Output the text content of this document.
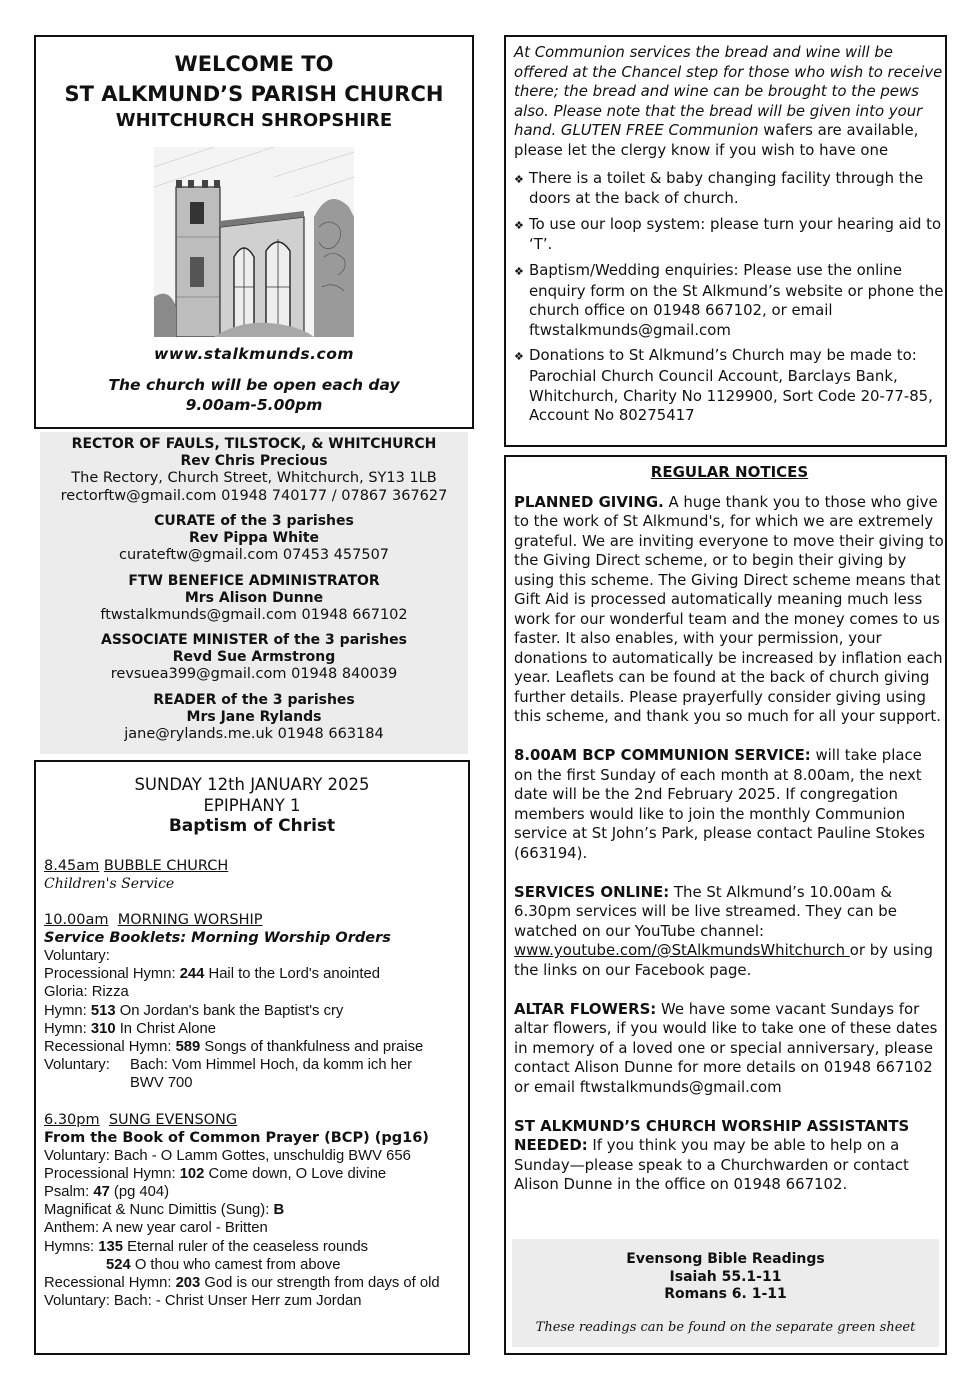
WELCOME TO
ST ALKMUND’S PARISH CHURCH
WHITCHURCH SHROPSHIRE
www.stalkmunds.com
The church will be open each day
9.00am-5.00pm
RECTOR OF FAULS, TILSTOCK, & WHITCHURCH
Rev Chris Precious
The Rectory, Church Street, Whitchurch, SY13 1LB
rectorftw@gmail.com 01948 740177 / 07867 367627
CURATE of the 3 parishes
Rev Pippa White
curateftw@gmail.com 07453 457507
FTW BENEFICE ADMINISTRATOR
Mrs Alison Dunne
ftwstalkmunds@gmail.com 01948 667102
ASSOCIATE MINISTER of the 3 parishes
Revd Sue Armstrong
revsuea399@gmail.com 01948 840039
READER of the 3 parishes
Mrs Jane Rylands
jane@rylands.me.uk 01948 663184
SUNDAY 12th JANUARY 2025
EPIPHANY 1
Baptism of Christ
8.45am BUBBLE CHURCH
Children's Service
10.00am MORNING WORSHIP
Service Booklets: Morning Worship Orders
Voluntary:
Processional Hymn: 244 Hail to the Lord's anointed
Gloria: Rizza
Hymn: 513 On Jordan's bank the Baptist's cry
Hymn: 310 In Christ Alone
Recessional Hymn: 589 Songs of thankfulness and praise
Voluntary: Bach: Vom Himmel Hoch, da komm ich her
BWV 700
6.30pm SUNG EVENSONG
From the Book of Common Prayer (BCP) (pg16)
Voluntary: Bach - O Lamm Gottes, unschuldig BWV 656
Processional Hymn: 102 Come down, O Love divine
Psalm: 47 (pg 404)
Magnificat & Nunc Dimittis (Sung): B
Anthem: A new year carol - Britten
Hymns: 135 Eternal ruler of the ceaseless rounds
524 O thou who camest from above
Recessional Hymn: 203 God is our strength from days of old
Voluntary: Bach: - Christ Unser Herr zum Jordan
At Communion services the bread and wine will be offered at the Chancel step for those who wish to receive there; the bread and wine can be brought to the pews also. Please note that the bread will be given into your hand. GLUTEN FREE Communion wafers are available, please let the clergy know if you wish to have one
❖ There is a toilet & baby changing facility through the doors at the back of church.
❖ To use our loop system: please turn your hearing aid to ‘T’.
❖ Baptism/Wedding enquiries: Please use the online enquiry form on the St Alkmund’s website or phone the church office on 01948 667102, or email ftwstalkmunds@gmail.com
❖ Donations to St Alkmund’s Church may be made to: Parochial Church Council Account, Barclays Bank, Whitchurch, Charity No 1129900, Sort Code 20-77-85, Account No 80275417
REGULAR NOTICES

PLANNED GIVING. A huge thank you to those who give to the work of St Alkmund's, for which we are extremely grateful. We are inviting everyone to move their giving to the Giving Direct scheme, or to begin their giving by using this scheme. The Giving Direct scheme means that Gift Aid is processed automatically meaning much less work for our wonderful team and the money comes to us faster. It also enables, with your permission, your donations to automatically be increased by inflation each year. Leaflets can be found at the back of church giving further details. Please prayerfully consider giving using this scheme, and thank you so much for all your support.

8.00AM BCP COMMUNION SERVICE: will take place on the first Sunday of each month at 8.00am, the next date will be the 2nd February 2025. If congregation members would like to join the monthly Communion service at St John’s Park, please contact Pauline Stokes (663194).

SERVICES ONLINE: The St Alkmund’s 10.00am & 6.30pm services will be live streamed. They can be watched on our YouTube channel: www.youtube.com/@StAlkmundsWhitchurch or by using the links on our Facebook page.

ALTAR FLOWERS: We have some vacant Sundays for altar flowers, if you would like to take one of these dates in memory of a loved one or special anniversary, please contact Alison Dunne for more details on 01948 667102 or email ftwstalkmunds@gmail.com

ST ALKMUND’S CHURCH WORSHIP ASSISTANTS NEEDED: If you think you may be able to help on a Sunday—please speak to a Churchwarden or contact Alison Dunne in the office on 01948 667102.

Evensong Bible Readings
Isaiah 55.1-11
Romans 6. 1-11
These readings can be found on the separate green sheet
